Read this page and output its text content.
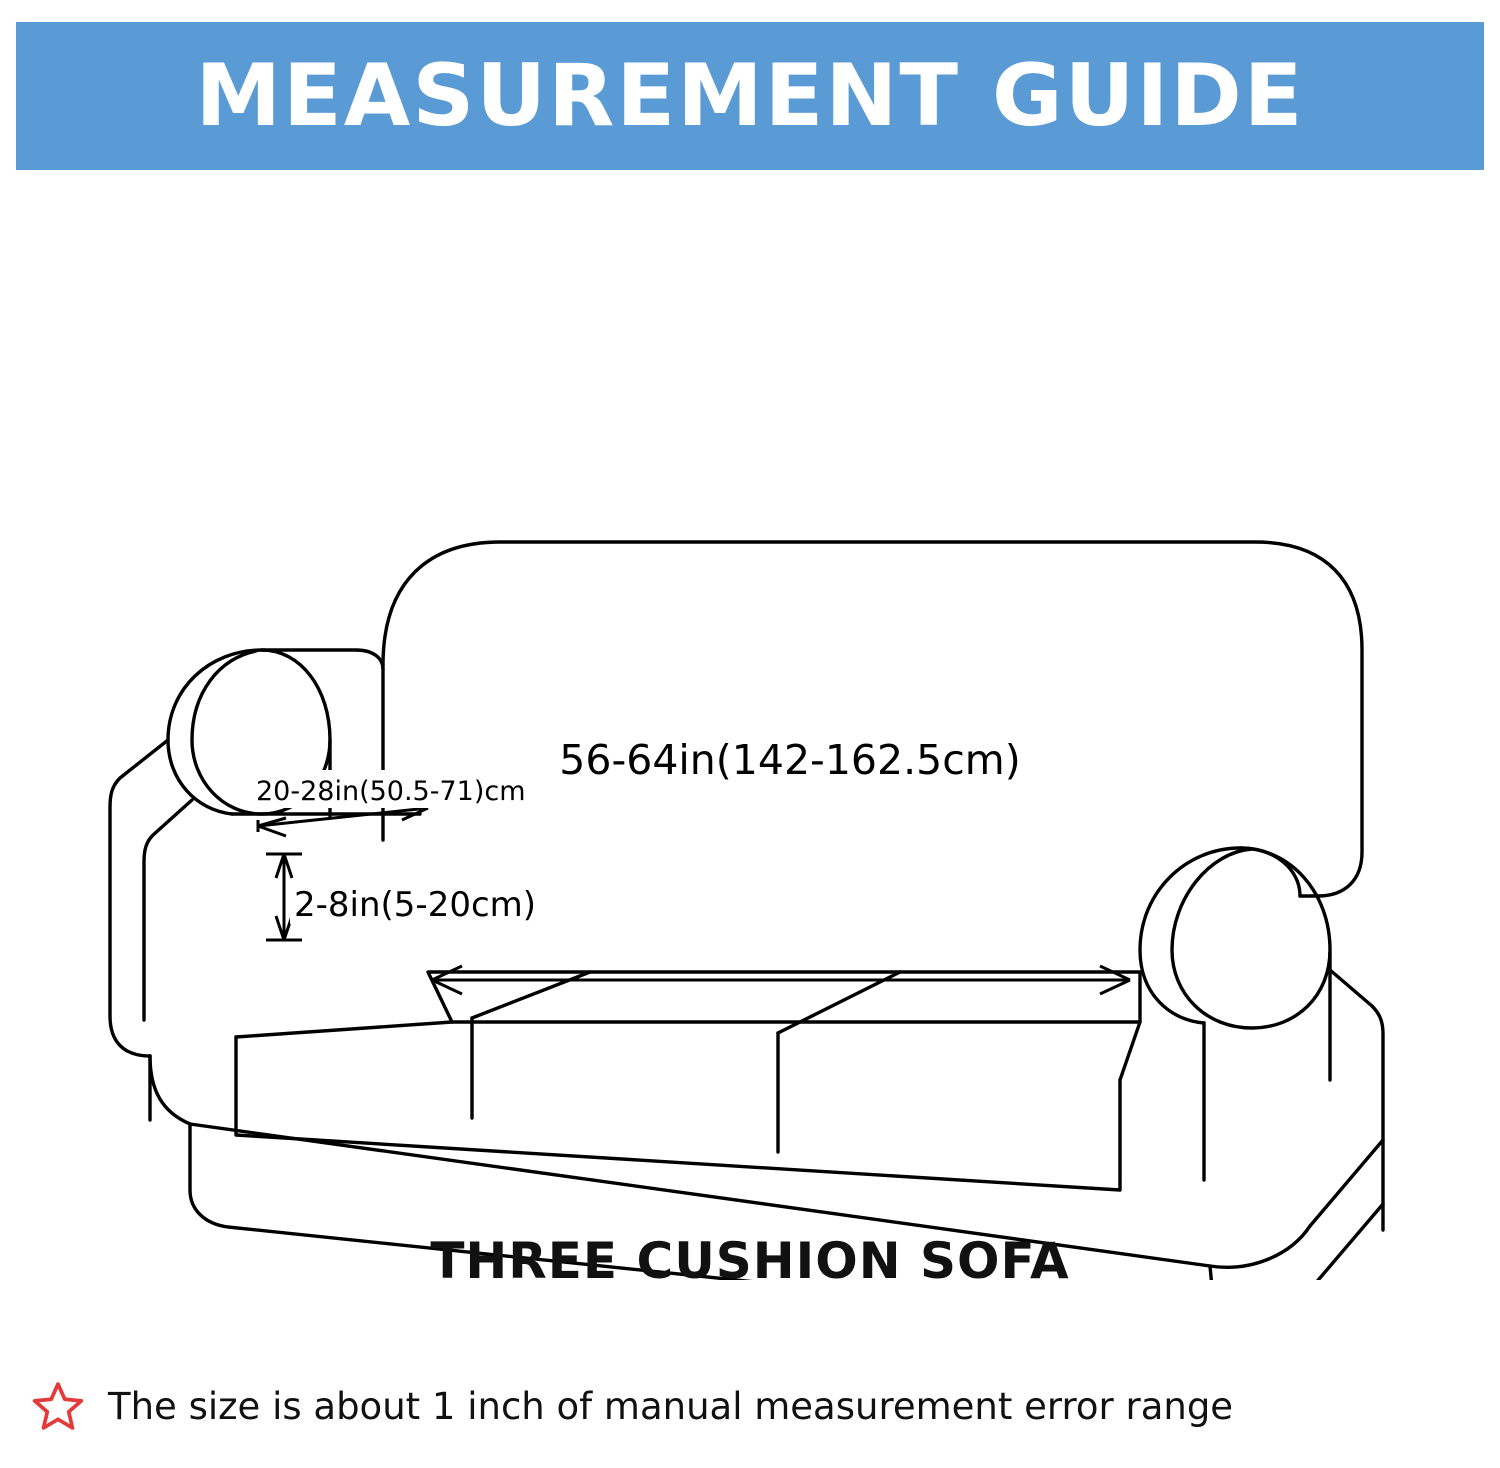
MEASUREMENT GUIDE
56-64in(142-162.5cm)
20-28in(50.5-71)cm
2-8in(5-20cm)
THREE CUSHION SOFA
The size is about 1 inch of manual measurement error range
